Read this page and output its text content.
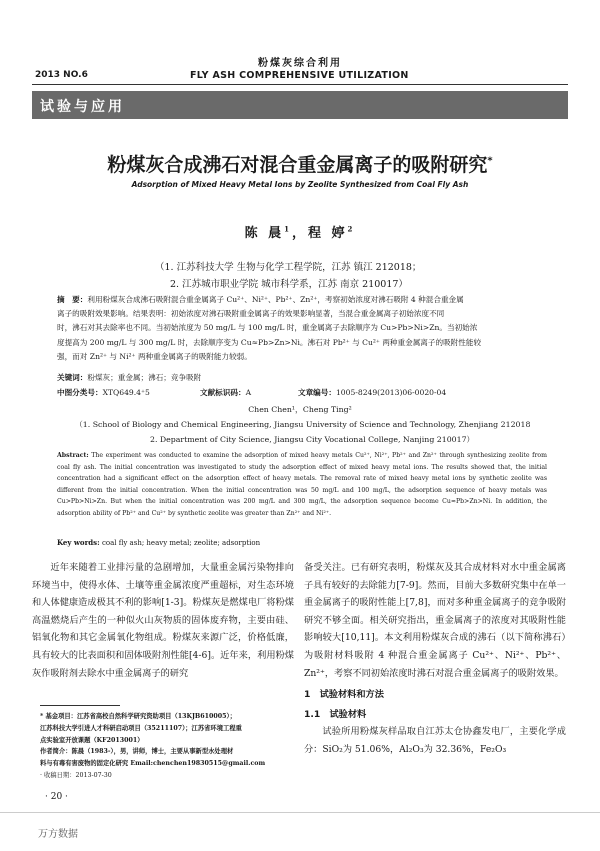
粉煤灰综合利用
2013 NO.6	FLY ASH COMPREHENSIVE UTILIZATION
试验与应用
粉煤灰合成沸石对混合重金属离子的吸附研究*
Adsorption of Mixed Heavy Metal Ions by Zeolite Synthesized from Coal Fly Ash
陈 晨$^1$，程 婷$^2$
（1. 江苏科技大学 生物与化学工程学院，江苏 镇江 212018；
2. 江苏城市职业学院 城市科学系，江苏 南京 210017）

摘　要：利用粉煤灰合成沸石吸附混合重金属离子 Cu²⁺、Ni²⁺、Pb²⁺、Zn²⁺，考察初始浓度对沸石吸附 4 种混合重金属

离子的吸附效果影响。结果表明：初始浓度对沸石吸附重金属离子的效果影响显著，当混合重金属离子初始浓度不同

时，沸石对其去除率也不同。当初始浓度为 50 mg/L 与 100 mg/L 时，重金属离子去除顺序为 Cu>Pb>Ni>Zn。当初始浓

度提高为 200 mg/L 与 300 mg/L 时，去除顺序变为 Cu≈Pb>Zn>Ni。沸石对 Pb²⁺ 与 Cu²⁺ 两种重金属离子的吸附性能较

强，而对 Zn²⁺ 与 Ni²⁺ 两种重金属离子的吸附能力较弱。

关键词：粉煤灰；重金属；沸石；竞争吸附
中图分类号：XTQ649.4⁺5	文献标识码：A	文章编号：1005-8249(2013)06-0020-04
Chen Chen¹，Cheng Ting²
（1. School of Biology and Chemical Engineering, Jiangsu University of Science and Technology, Zhenjiang 212018
2. Department of City Science, Jiangsu City Vocational College, Nanjing 210017）
Abstract: The experiment was conducted to examine the adsorption of mixed heavy metals Cu²⁺, Ni²⁺, Pb²⁺ and Zn²⁺ through synthesizing zeolite from coal fly ash. The initial concentration was investigated to study the adsorption effect of mixed heavy metal ions. The results showed that, the initial concentration had a significant effect on the adsorption effect of heavy metals. The removal rate of mixed heavy metal ions by synthetic zeolite was different from the initial concentration. When the initial concentration was 50 mg/L and 100 mg/L, the adsorption sequence of heavy metals was Cu>Pb>Ni>Zn. But when the initial concentration was 200 mg/L and 300 mg/L, the adsorption sequence become Cu≈Pb>Zn>Ni. In addition, the adsorption ability of Pb²⁺ and Cu²⁺ by synthetic zeolite was greater than Zn²⁺ and Ni²⁺.
Key words: coal fly ash; heavy metal; zeolite; adsorption

近年来随着工业排污量的急剧增加，大量重金属污染物排向环境当中，使得水体、土壤等重金属浓度严重超标，对生态环境和人体健康造成极其不利的影响[1-3]。粉煤灰是燃煤电厂将粉煤高温燃烧后产生的一种似火山灰物质的固体废弃物，主要由硅、铝氧化物和其它金属氧化物组成。粉煤灰来源广泛，价格低廉，具有较大的比表面积和固体吸附剂性能[4-6]。近年来，利用粉煤灰作吸附剂去除水中重金属离子的研究

备受关注。已有研究表明，粉煤灰及其合成材料对水中重金属离子具有较好的去除能力[7-9]。然而，目前大多数研究集中在单一重金属离子的吸附性能上[7,8]，而对多种重金属离子的竞争吸附研究不够全面。相关研究指出，重金属离子的浓度对其吸附性能影响较大[10,11]。本文利用粉煤灰合成的沸石（以下简称沸石）为吸附材料吸附 4 种混合重金属离子 Cu²⁺、Ni²⁺、Pb²⁺、Zn²⁺，考察不同初始浓度时沸石对混合重金属离子的吸附效果。

1　试验材料和方法

1.1　试验材料

试验所用粉煤灰样品取自江苏太仓协鑫发电厂，主要化学成分：SiO₂为 51.06%，Al₂O₃为 32.36%，Fe₂O₃

* 基金项目：江苏省高校自然科学研究资助项目（13KJB610005）；

江苏科技大学引进人才科研启动项目（35211107）；江苏省环境工程重

点实验室开放课题（KF2013001）

作者简介：陈晨（1983-），男，讲师，博士，主要从事新型水处理材

料与有毒有害废物的固定化研究 Email:chenchen19830515@gmail.com

· 收稿日期：2013-07-30

· 20 ·
万方数据
